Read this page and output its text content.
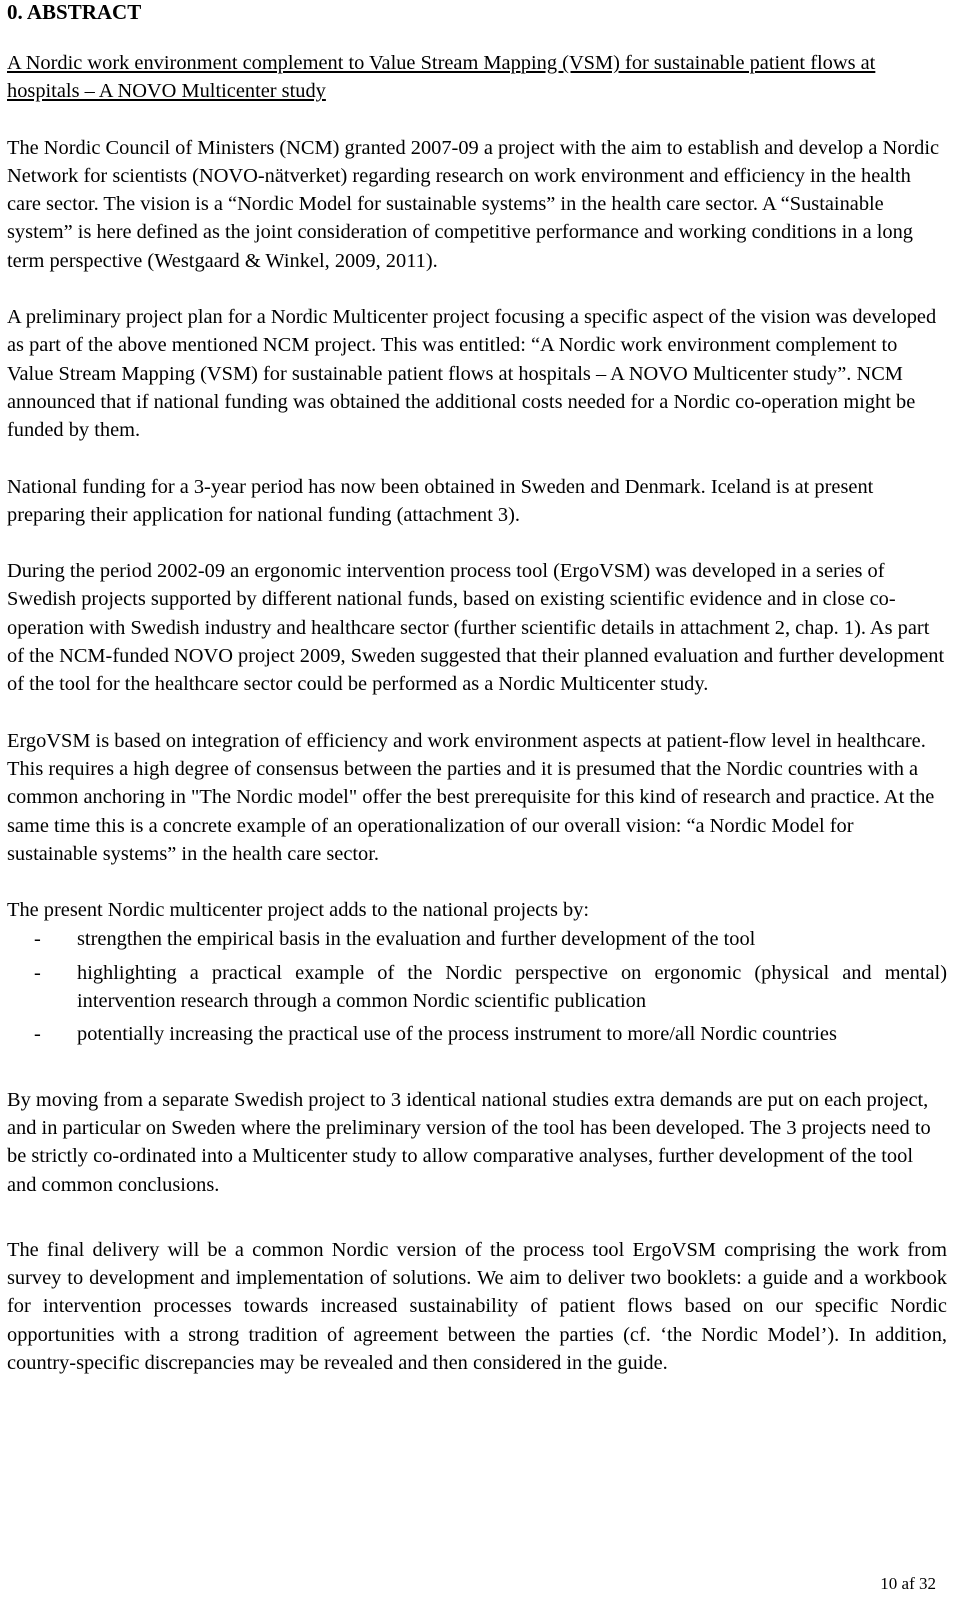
0. ABSTRACT

A Nordic work environment complement to Value Stream Mapping (VSM) for sustainable patient flows at hospitals – A NOVO Multicenter study

The Nordic Council of Ministers (NCM) granted 2007-09 a project with the aim to establish and develop a Nordic Network for scientists (NOVO-nätverket) regarding research on work environment and efficiency in the health care sector. The vision is a “Nordic Model for sustainable systems” in the health care sector. A “Sustainable system” is here defined as the joint consideration of competitive performance and working conditions in a long term perspective (Westgaard & Winkel, 2009, 2011).

A preliminary project plan for a Nordic Multicenter project focusing a specific aspect of the vision was developed as part of the above mentioned NCM project. This was entitled: “A Nordic work environment complement to Value Stream Mapping (VSM) for sustainable patient flows at hospitals – A NOVO Multicenter study”. NCM announced that if national funding was obtained the additional costs needed for a Nordic co-operation might be funded by them.

National funding for a 3-year period has now been obtained in Sweden and Denmark. Iceland is at present preparing their application for national funding (attachment 3).

During the period 2002-09 an ergonomic intervention process tool (ErgoVSM) was developed in a series of Swedish projects supported by different national funds, based on existing scientific evidence and in close co-operation with Swedish industry and healthcare sector (further scientific details in attachment 2, chap. 1). As part of the NCM-funded NOVO project 2009, Sweden suggested that their planned evaluation and further development of the tool for the healthcare sector could be performed as a Nordic Multicenter study.

ErgoVSM is based on integration of efficiency and work environment aspects at patient-flow level in healthcare. This requires a high degree of consensus between the parties and it is presumed that the Nordic countries with a common anchoring in "The Nordic model" offer the best prerequisite for this kind of research and practice. At the same time this is a concrete example of an operationalization of our overall vision: “a Nordic Model for sustainable systems” in the health care sector.

The present Nordic multicenter project adds to the national projects by:

- strengthen the empirical basis in the evaluation and further development of the tool
- highlighting a practical example of the Nordic perspective on ergonomic (physical and mental) intervention research through a common Nordic scientific publication
- potentially increasing the practical use of the process instrument to more/all Nordic countries

By moving from a separate Swedish project to 3 identical national studies extra demands are put on each project, and in particular on Sweden where the preliminary version of the tool has been developed. The 3 projects need to be strictly co-ordinated into a Multicenter study to allow comparative analyses, further development of the tool and common conclusions.

The final delivery will be a common Nordic version of the process tool ErgoVSM comprising the work from survey to development and implementation of solutions. We aim to deliver two booklets: a guide and a workbook for intervention processes towards increased sustainability of patient flows based on our specific Nordic opportunities with a strong tradition of agreement between the parties (cf. ‘the Nordic Model’). In addition, country-specific discrepancies may be revealed and then considered in the guide.

10 af 32
